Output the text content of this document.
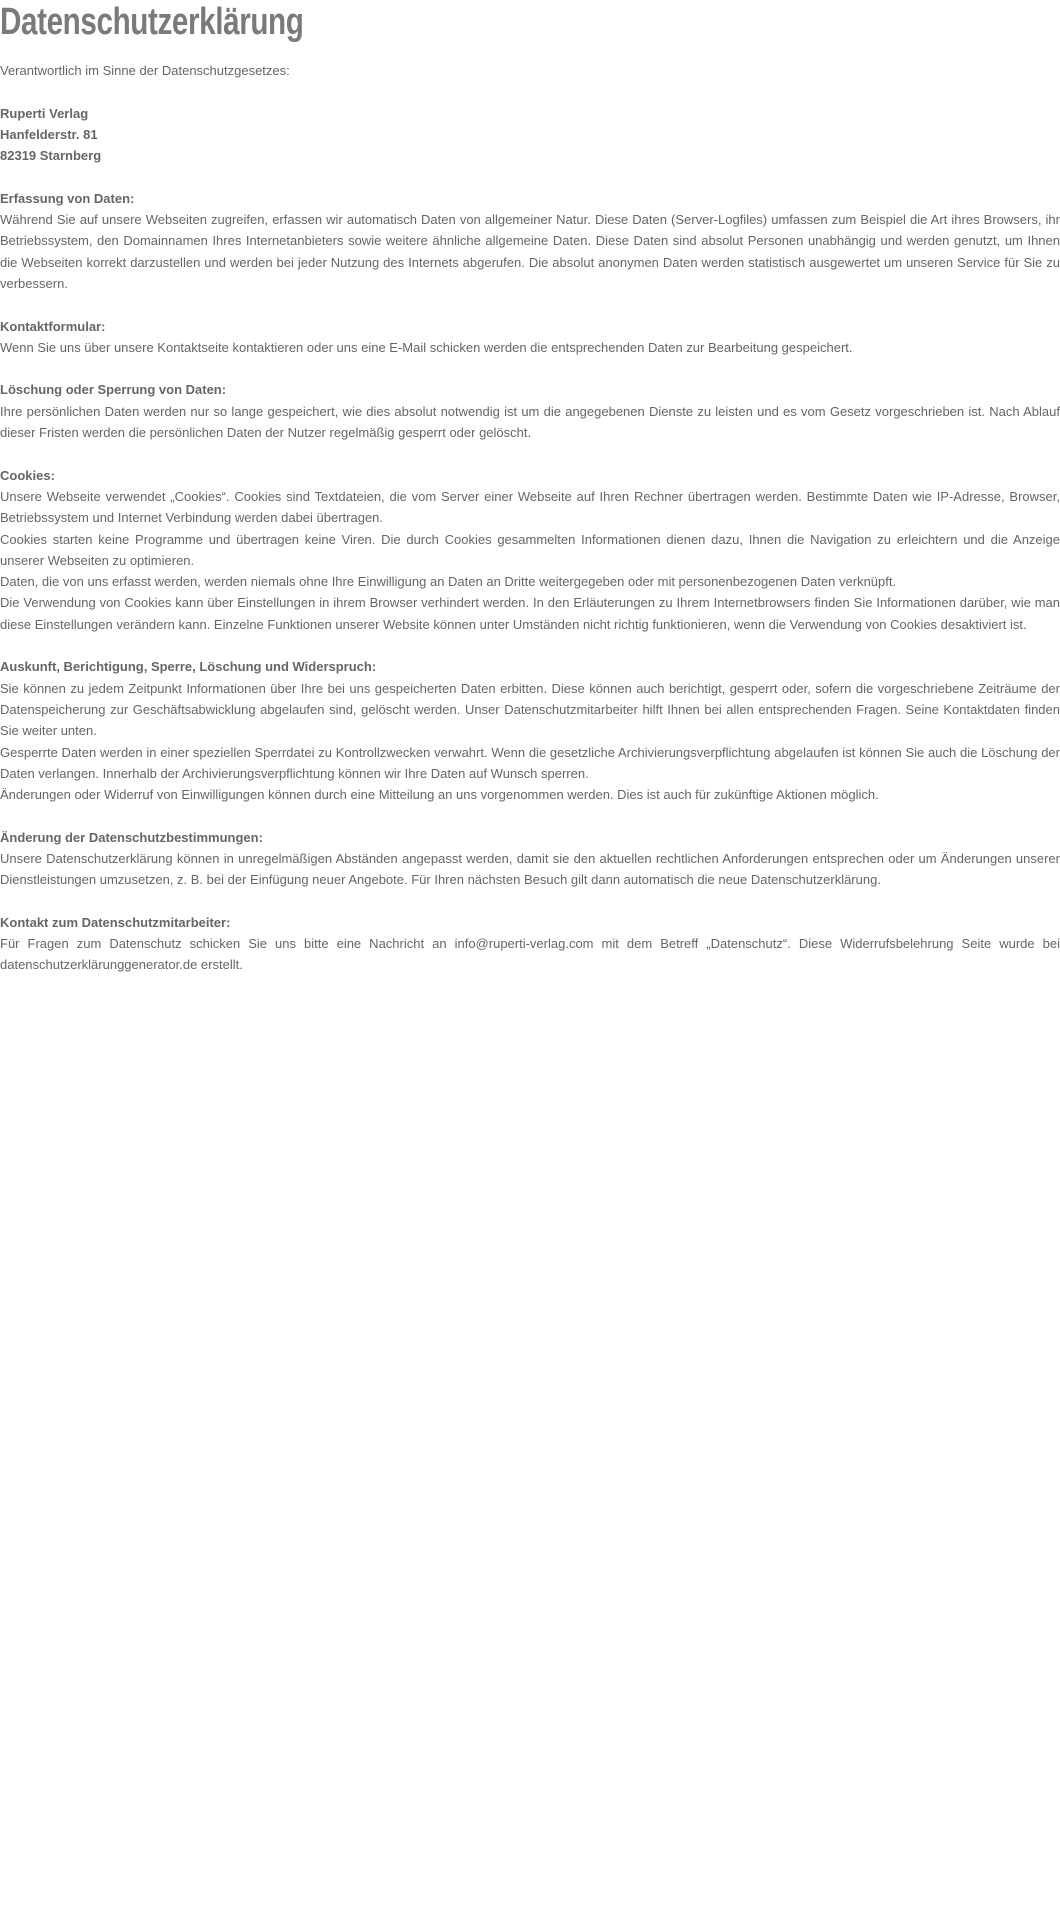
Datenschutzerklärung
Verantwortlich im Sinne der Datenschutzgesetzes:
Ruperti Verlag
Hanfelderstr. 81
82319 Starnberg
Erfassung von Daten:

Während Sie auf unsere Webseiten zugreifen, erfassen wir automatisch Daten von allgemeiner Natur. Diese Daten (Server-Logfiles) umfassen zum Beispiel die Art ihres Browsers, ihr Betriebssystem, den Domainnamen Ihres Internetanbieters sowie weitere ähnliche allgemeine Daten. Diese Daten sind absolut Personen unabhängig und werden genutzt, um Ihnen die Webseiten korrekt darzustellen und werden bei jeder Nutzung des Internets abgerufen. Die absolut anonymen Daten werden statistisch ausgewertet um unseren Service für Sie zu verbessern.

Kontaktformular:

Wenn Sie uns über unsere Kontaktseite kontaktieren oder uns eine E-Mail schicken werden die entsprechenden Daten zur Bearbeitung gespeichert.

Löschung oder Sperrung von Daten:

Ihre persönlichen Daten werden nur so lange gespeichert, wie dies absolut notwendig ist um die angegebenen Dienste zu leisten und es vom Gesetz vorgeschrieben ist. Nach Ablauf dieser Fristen werden die persönlichen Daten der Nutzer regelmäßig gesperrt oder gelöscht.

Cookies:

Unsere Webseite verwendet „Cookies“. Cookies sind Textdateien, die vom Server einer Webseite auf Ihren Rechner übertragen werden. Bestimmte Daten wie IP-Adresse, Browser, Betriebssystem und Internet Verbindung werden dabei übertragen.

Cookies starten keine Programme und übertragen keine Viren. Die durch Cookies gesammelten Informationen dienen dazu, Ihnen die Navigation zu erleichtern und die Anzeige unserer Webseiten zu optimieren.

Daten, die von uns erfasst werden, werden niemals ohne Ihre Einwilligung an Daten an Dritte weitergegeben oder mit personenbezogenen Daten verknüpft.

Die Verwendung von Cookies kann über Einstellungen in ihrem Browser verhindert werden. In den Erläuterungen zu Ihrem Internetbrowsers finden Sie Informationen darüber, wie man diese Einstellungen verändern kann. Einzelne Funktionen unserer Website können unter Umständen nicht richtig funktionieren, wenn die Verwendung von Cookies desaktiviert ist.

Auskunft, Berichtigung, Sperre, Löschung und Widerspruch:

Sie können zu jedem Zeitpunkt Informationen über Ihre bei uns gespeicherten Daten erbitten. Diese können auch berichtigt, gesperrt oder, sofern die vorgeschriebene Zeiträume der Datenspeicherung zur Geschäftsabwicklung abgelaufen sind, gelöscht werden. Unser Datenschutzmitarbeiter hilft Ihnen bei allen entsprechenden Fragen. Seine Kontaktdaten finden Sie weiter unten.

Gesperrte Daten werden in einer speziellen Sperrdatei zu Kontrollzwecken verwahrt. Wenn die gesetzliche Archivierungsverpflichtung abgelaufen ist können Sie auch die Löschung der Daten verlangen. Innerhalb der Archivierungsverpflichtung können wir Ihre Daten auf Wunsch sperren.

Änderungen oder Widerruf von Einwilligungen können durch eine Mitteilung an uns vorgenommen werden. Dies ist auch für zukünftige Aktionen möglich.

Änderung der Datenschutzbestimmungen:

Unsere Datenschutzerklärung können in unregelmäßigen Abständen angepasst werden, damit sie den aktuellen rechtlichen Anforderungen entsprechen oder um Änderungen unserer Dienstleistungen umzusetzen, z. B. bei der Einfügung neuer Angebote. Für Ihren nächsten Besuch gilt dann automatisch die neue Datenschutzerklärung.

Kontakt zum Datenschutzmitarbeiter:

Für Fragen zum Datenschutz schicken Sie uns bitte eine Nachricht an info@ruperti-verlag.com mit dem Betreff „Datenschutz“. Diese Widerrufsbelehrung Seite wurde bei datenschutzerklärunggenerator.de erstellt.
